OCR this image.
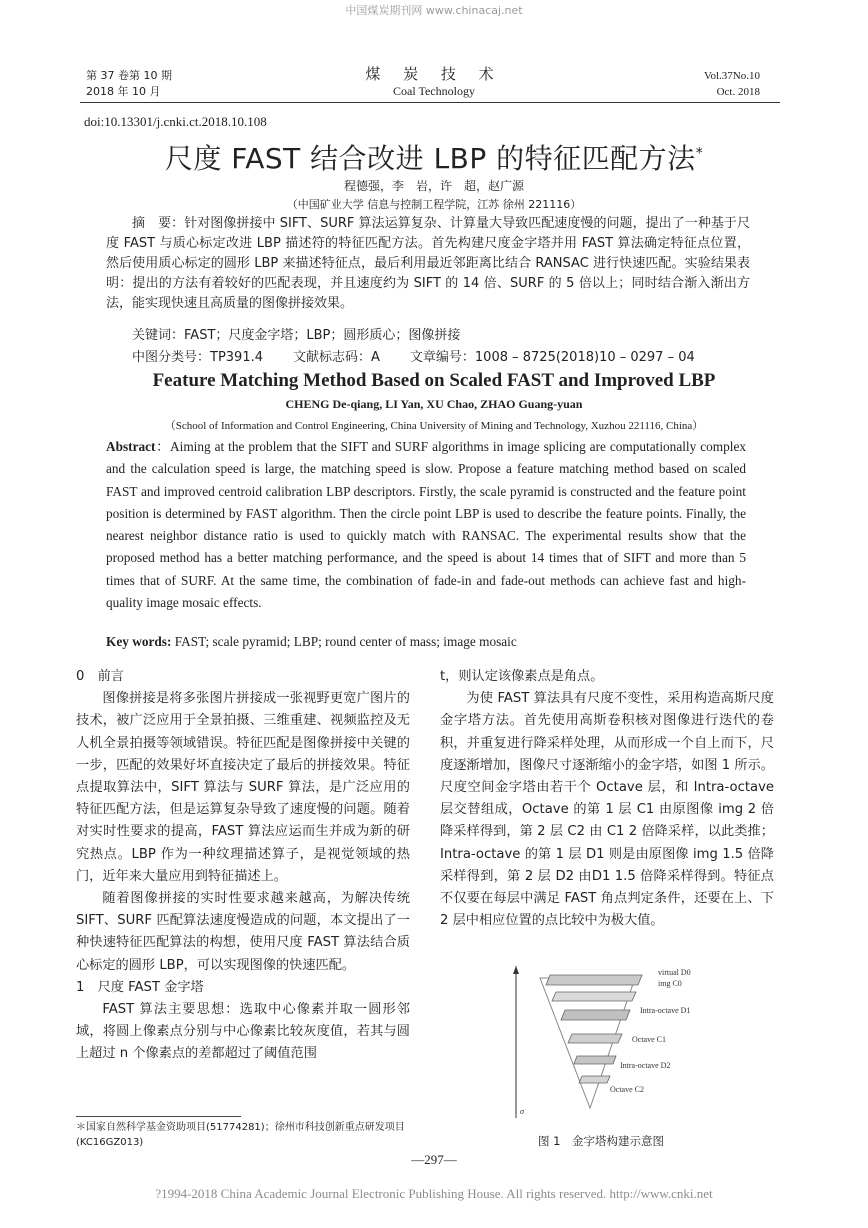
中国煤炭期刊网 www.chinacaj.net
第 37 卷第 10 期
2018 年 10 月
煤 炭 技 术
Coal Technology
Vol.37No.10
Oct. 2018
doi:10.13301/j.cnki.ct.2018.10.108
尺度 FAST 结合改进 LBP 的特征匹配方法*
程德强，李　岩，许　超，赵广源
（中国矿业大学 信息与控制工程学院，江苏 徐州 221116）
摘　要：针对图像拼接中 SIFT、SURF 算法运算复杂、计算量大导致匹配速度慢的问题，提出了一种基于尺度 FAST 与质心标定改进 LBP 描述符的特征匹配方法。首先构建尺度金字塔并用 FAST 算法确定特征点位置，然后使用质心标定的圆形 LBP 来描述特征点，最后利用最近邻距离比结合 RANSAC 进行快速匹配。实验结果表明：提出的方法有着较好的匹配表现，并且速度约为 SIFT 的 14 倍、SURF 的 5 倍以上；同时结合渐入渐出方法，能实现快速且高质量的图像拼接效果。
关键词：FAST；尺度金字塔；LBP；圆形质心；图像拼接
中图分类号：TP391.4 文献标志码：A 文章编号：1008 – 8725(2018)10 – 0297 – 04
Feature Matching Method Based on Scaled FAST and Improved LBP
CHENG De-qiang, LI Yan, XU Chao, ZHAO Guang-yuan
（School of Information and Control Engineering, China University of Mining and Technology, Xuzhou 221116, China）
Abstract：Aiming at the problem that the SIFT and SURF algorithms in image splicing are computationally complex and the calculation speed is large, the matching speed is slow. Propose a feature matching method based on scaled FAST and improved centroid calibration LBP descriptors. Firstly, the scale pyramid is constructed and the feature point position is determined by FAST algorithm. Then the circle point LBP is used to describe the feature points. Finally, the nearest neighbor distance ratio is used to quickly match with RANSAC. The experimental results show that the proposed method has a better matching performance, and the speed is about 14 times that of SIFT and more than 5 times that of SURF. At the same time, the combination of fade-in and fade-out methods can achieve fast and high-quality image mosaic effects.
Key words: FAST; scale pyramid; LBP; round center of mass; image mosaic

0　前言

图像拼接是将多张图片拼接成一张视野更宽广图片的技术，被广泛应用于全景拍摄、三维重建、视频监控及无人机全景拍摄等领域错误。特征匹配是图像拼接中关键的一步，匹配的效果好坏直接决定了最后的拼接效果。特征点提取算法中，SIFT 算法与 SURF 算法，是广泛应用的特征匹配方法，但是运算复杂导致了速度慢的问题。随着对实时性要求的提高，FAST 算法应运而生并成为新的研究热点。LBP 作为一种纹理描述算子，是视觉领域的热门，近年来大量应用到特征描述上。

随着图像拼接的实时性要求越来越高，为解决传统 SIFT、SURF 匹配算法速度慢造成的问题，本文提出了一种快速特征匹配算法的构想，使用尺度 FAST 算法结合质心标定的圆形 LBP，可以实现图像的快速匹配。

1　尺度 FAST 金字塔

FAST 算法主要思想：选取中心像素并取一圆形邻域，将圆上像素点分别与中心像素比较灰度值，若其与圆上超过 n 个像素点的差都超过了阈值范围

t，则认定该像素点是角点。

为使 FAST 算法具有尺度不变性，采用构造高斯尺度金字塔方法。首先使用高斯卷积核对图像进行迭代的卷积，并重复进行降采样处理，从而形成一个自上而下，尺度逐渐增加，图像尺寸逐渐缩小的金字塔，如图 1 所示。尺度空间金字塔由若干个 Octave 层，和 Intra-octave 层交替组成，Octave 的第 1 层 C1 由原图像 img 2 倍降采样得到，第 2 层 C2 由 C1 2 倍降采样，以此类推；Intra-octave 的第 1 层 D1 则是由原图像 img 1.5 倍降采样得到，第 2 层 D2 由D1 1.5 倍降采样得到。特征点不仅要在每层中满足 FAST 角点判定条件，还要在上、下 2 层中相应位置的点比较中为极大值。

virtual D0
img C0
Intra-octave D1
Octave C1
Intra-octave D2
Octave C2
σ
图 1　金字塔构建示意图
＊国家自然科学基金资助项目(51774281)；徐州市科技创新重点研发项目(KC16GZ013)
—297—
?1994-2018 China Academic Journal Electronic Publishing House. All rights reserved. http://www.cnki.net
